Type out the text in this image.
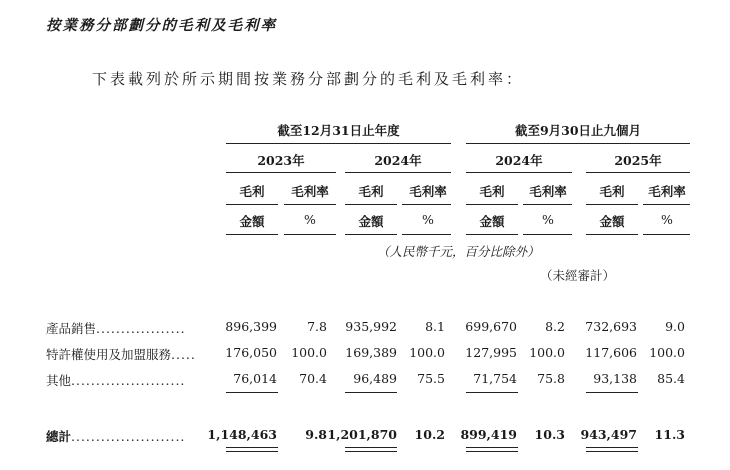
按業務分部劃分的毛利及毛利率
下表載列於所示期間按業務分部劃分的毛利及毛利率：
截至12月31日止年度	截至9月30日止九個月
2023年	2024年	2024年	2025年
毛利	毛利率	毛利	毛利率	毛利	毛利率	毛利	毛利率
金額	%	金額	%	金額	%	金額	%
（人民幣千元，百分比除外）
（未經審計）
產品銷售..................	896,399 7.8 935,992 8.1 699,670 8.2 732,693 9.0
特許權使用及加盟服務..... 176,050 100.0 169,389 100.0 127,995 100.0 117,606 100.0
其他.......................	76,014 70.4 96,489 75.5 71,754 75.8 93,138 85.4
總計....................... 1,148,463 9.8 1,201,870 10.2 899,419 10.3 943,497 11.3
